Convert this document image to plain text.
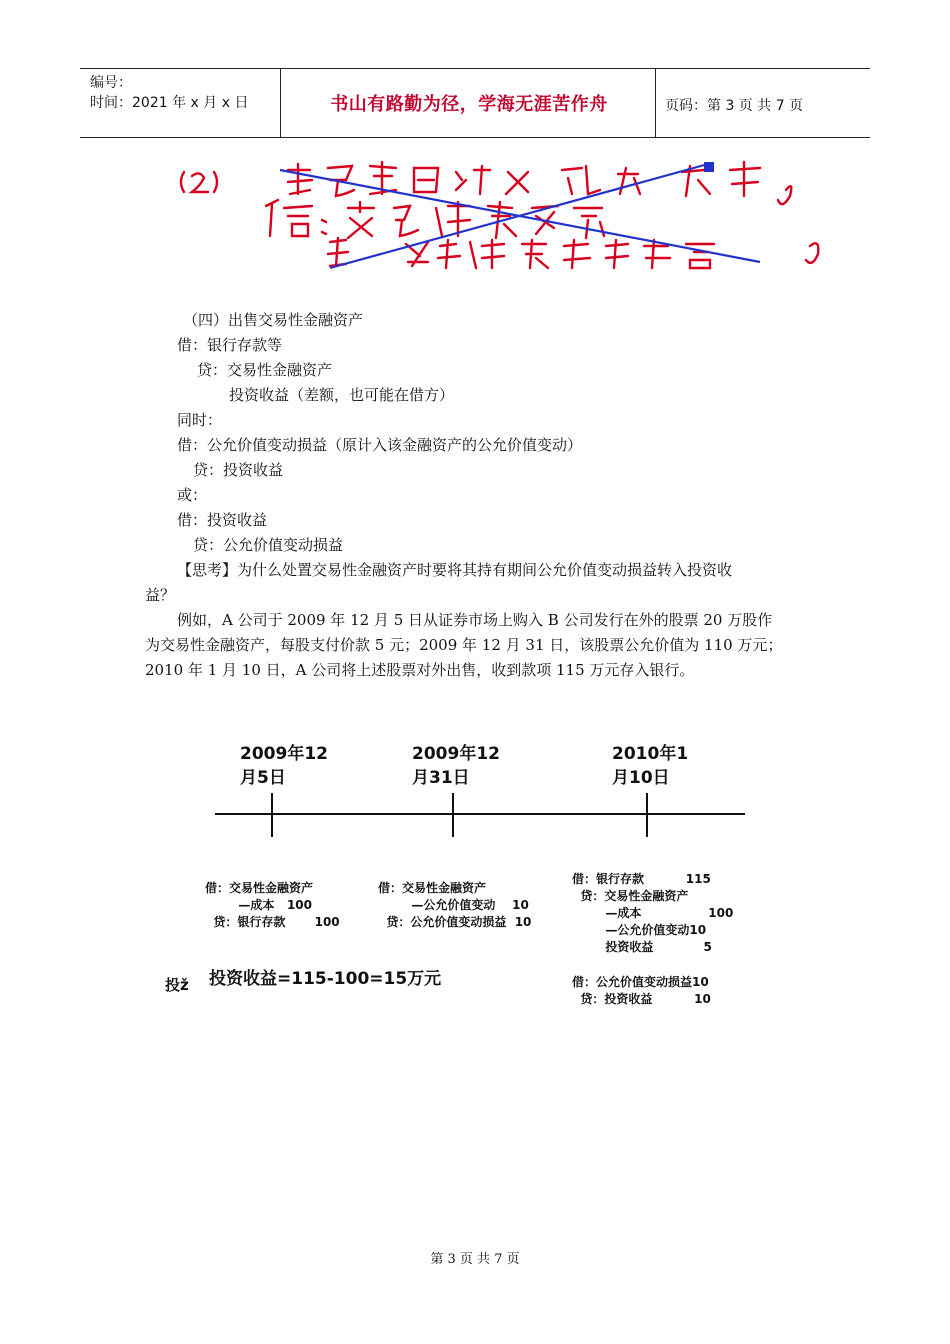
编号：
时间：2021 年 x 月 x 日	书山有路勤为径，学海无涯苦作舟	页码：第 3 页 共 7 页
（四）出售交易性金融资产
借：银行存款等
贷：交易性金融资产
投资收益（差额，也可能在借方）
同时：
借：公允价值变动损益（原计入该金融资产的公允价值变动）
贷：投资收益
或：
借：投资收益
贷：公允价值变动损益
【思考】为什么处置交易性金融资产时要将其持有期间公允价值变动损益转入投资收
益？
例如，A 公司于 2009 年 12 月 5 日从证券市场上购入 B 公司发行在外的股票 20 万股作
为交易性金融资产，每股支付价款 5 元；2009 年 12 月 31 日，该股票公允价值为 110 万元；
2010 年 1 月 10 日，A 公司将上述股票对外出售，收到款项 115 万元存入银行。
2009年12
月5日
2009年12
月31日
2010年1
月10日

借：交易性金融资产
—成本   100
贷：银行存款       100

借：交易性金融资产
—公允价值变动    10
贷：公允价值变动损益  10

借：银行存款          115
贷：交易性金融资产
—成本                100
—公允价值变动10
投资收益            5

借：公允价值变动损益10
贷：投资收益          10

投ž 投资收益=115-100=15万元
第 3 页 共 7 页
